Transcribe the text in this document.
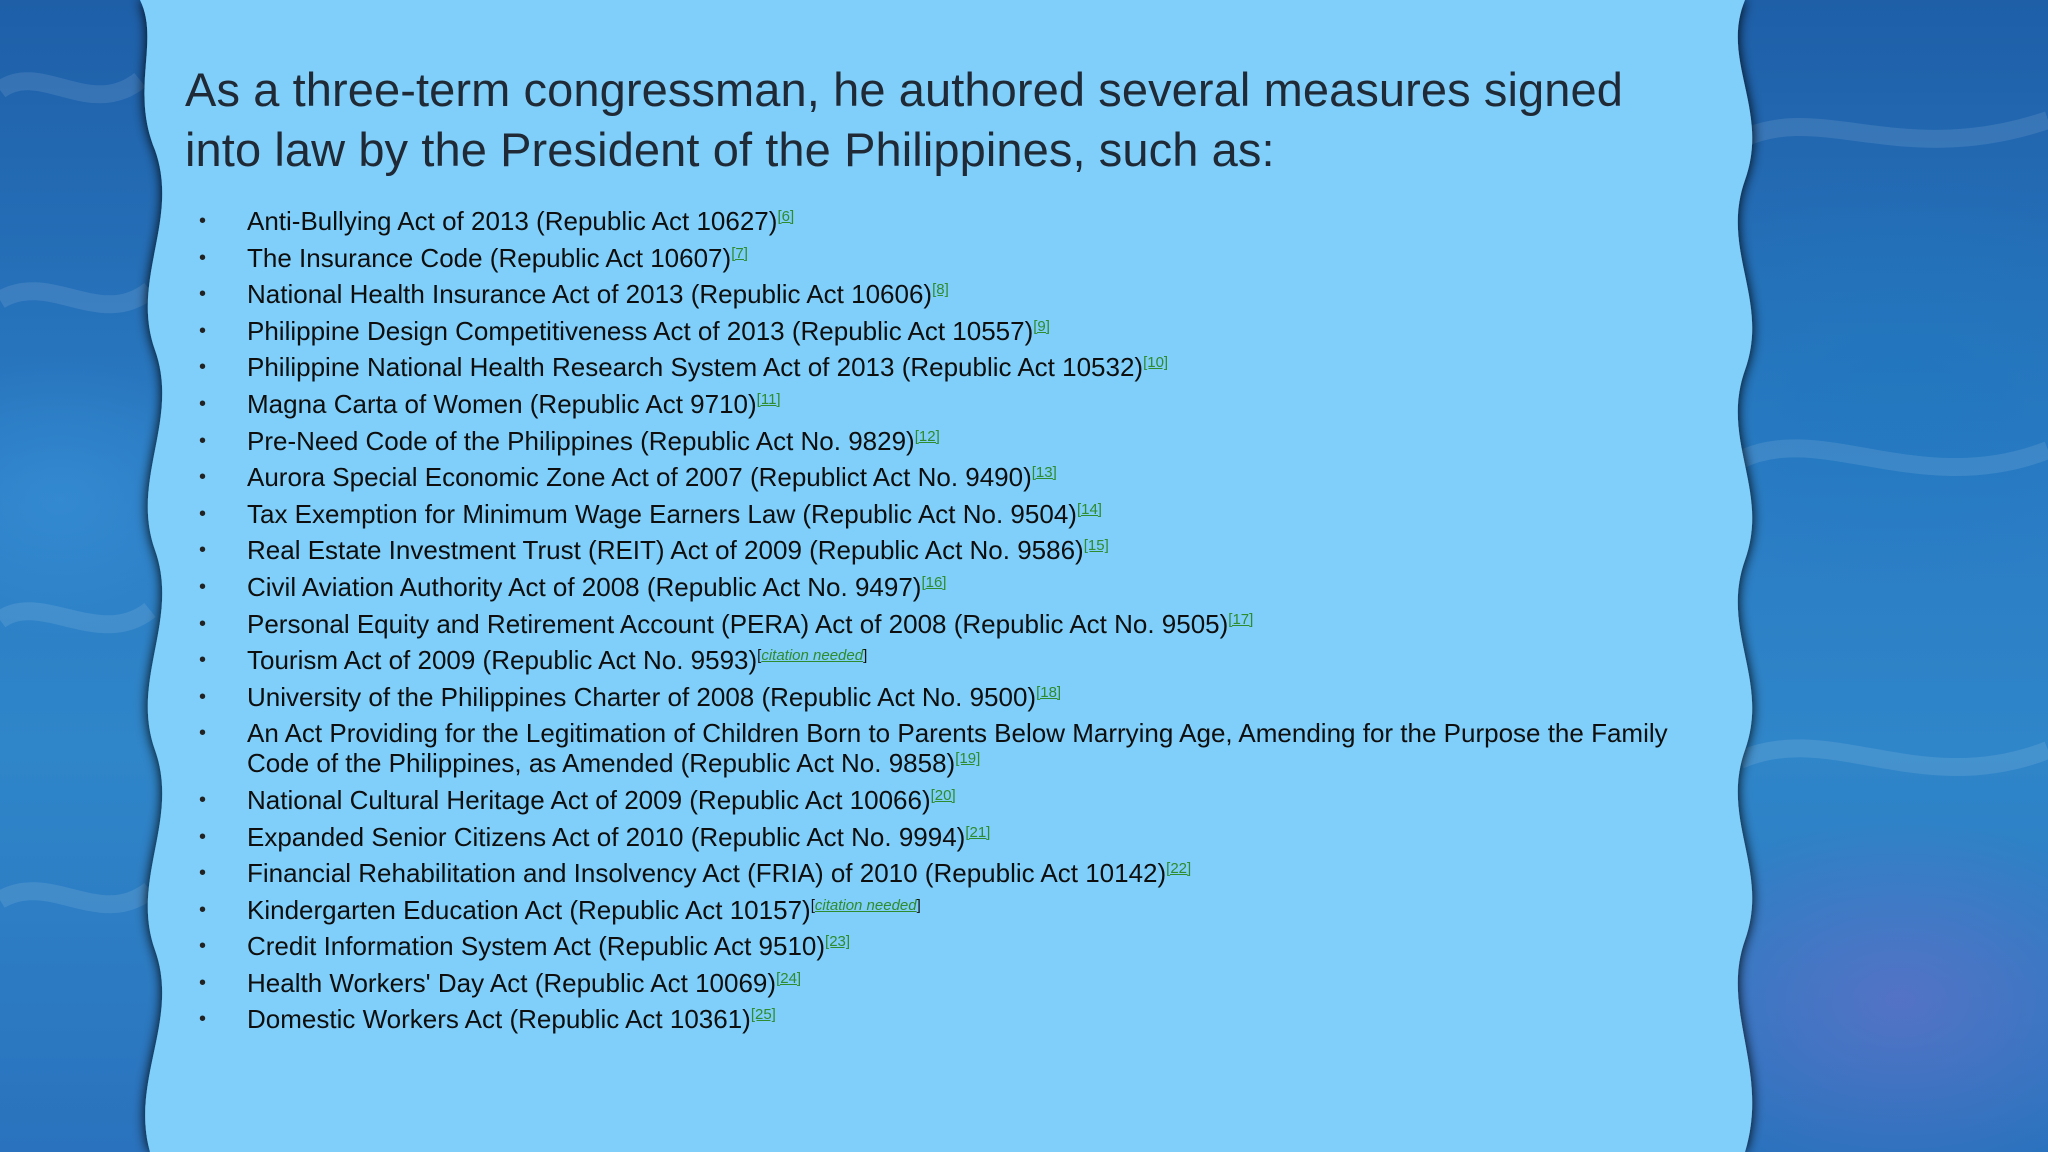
As a three-term congressman, he authored several measures signed into law by the President of the Philippines, such as:
• Anti-Bullying Act of 2013 (Republic Act 10627)[6]
• The Insurance Code (Republic Act 10607)[7]
• National Health Insurance Act of 2013 (Republic Act 10606)[8]
• Philippine Design Competitiveness Act of 2013 (Republic Act 10557)[9]
• Philippine National Health Research System Act of 2013 (Republic Act 10532)[10]
• Magna Carta of Women (Republic Act 9710)[11]
• Pre-Need Code of the Philippines (Republic Act No. 9829)[12]
• Aurora Special Economic Zone Act of 2007 (Republict Act No. 9490)[13]
• Tax Exemption for Minimum Wage Earners Law (Republic Act No. 9504)[14]
• Real Estate Investment Trust (REIT) Act of 2009 (Republic Act No. 9586)[15]
• Civil Aviation Authority Act of 2008 (Republic Act No. 9497)[16]
• Personal Equity and Retirement Account (PERA) Act of 2008 (Republic Act No. 9505)[17]
• Tourism Act of 2009 (Republic Act No. 9593)[citation needed]
• University of the Philippines Charter of 2008 (Republic Act No. 9500)[18]
• An Act Providing for the Legitimation of Children Born to Parents Below Marrying Age, Amending for the Purpose the Family Code of the Philippines, as Amended (Republic Act No. 9858)[19]
• National Cultural Heritage Act of 2009 (Republic Act 10066)[20]
• Expanded Senior Citizens Act of 2010 (Republic Act No. 9994)[21]
• Financial Rehabilitation and Insolvency Act (FRIA) of 2010 (Republic Act 10142)[22]
• Kindergarten Education Act (Republic Act 10157)[citation needed]
• Credit Information System Act (Republic Act 9510)[23]
• Health Workers' Day Act (Republic Act 10069)[24]
• Domestic Workers Act (Republic Act 10361)[25]
